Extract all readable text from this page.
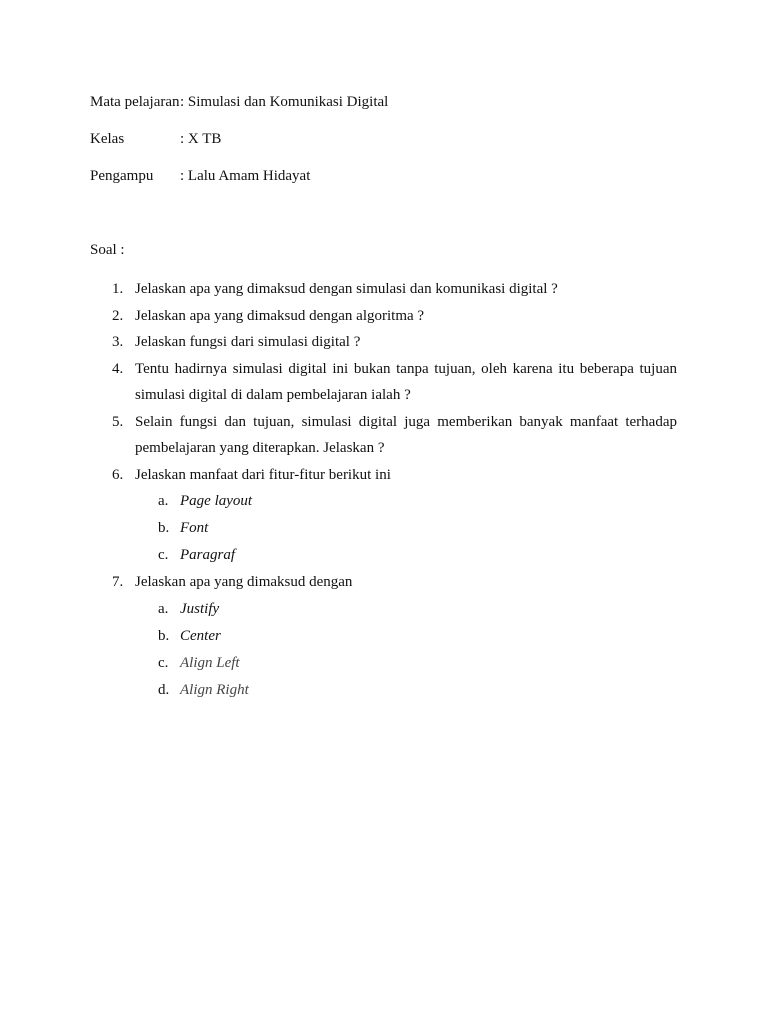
Mata pelajaran: Simulasi dan Komunikasi Digital
Kelas	: X TB
Pengampu : Lalu Amam Hidayat
Soal :
1. Jelaskan apa yang dimaksud dengan simulasi dan komunikasi digital ?
2. Jelaskan apa yang dimaksud dengan algoritma ?
3. Jelaskan fungsi dari simulasi digital ?
4. Tentu hadirnya simulasi digital ini bukan tanpa tujuan, oleh karena itu beberapa tujuan simulasi digital di dalam pembelajaran ialah ?
5. Selain fungsi dan tujuan, simulasi digital juga memberikan banyak manfaat terhadap pembelajaran yang diterapkan. Jelaskan ?
6. Jelaskan manfaat dari fitur-fitur berikut ini
a. Page layout
b. Font
c. Paragraf
7. Jelaskan apa yang dimaksud dengan
a. Justify
b. Center
c. Align Left
d. Align Right
